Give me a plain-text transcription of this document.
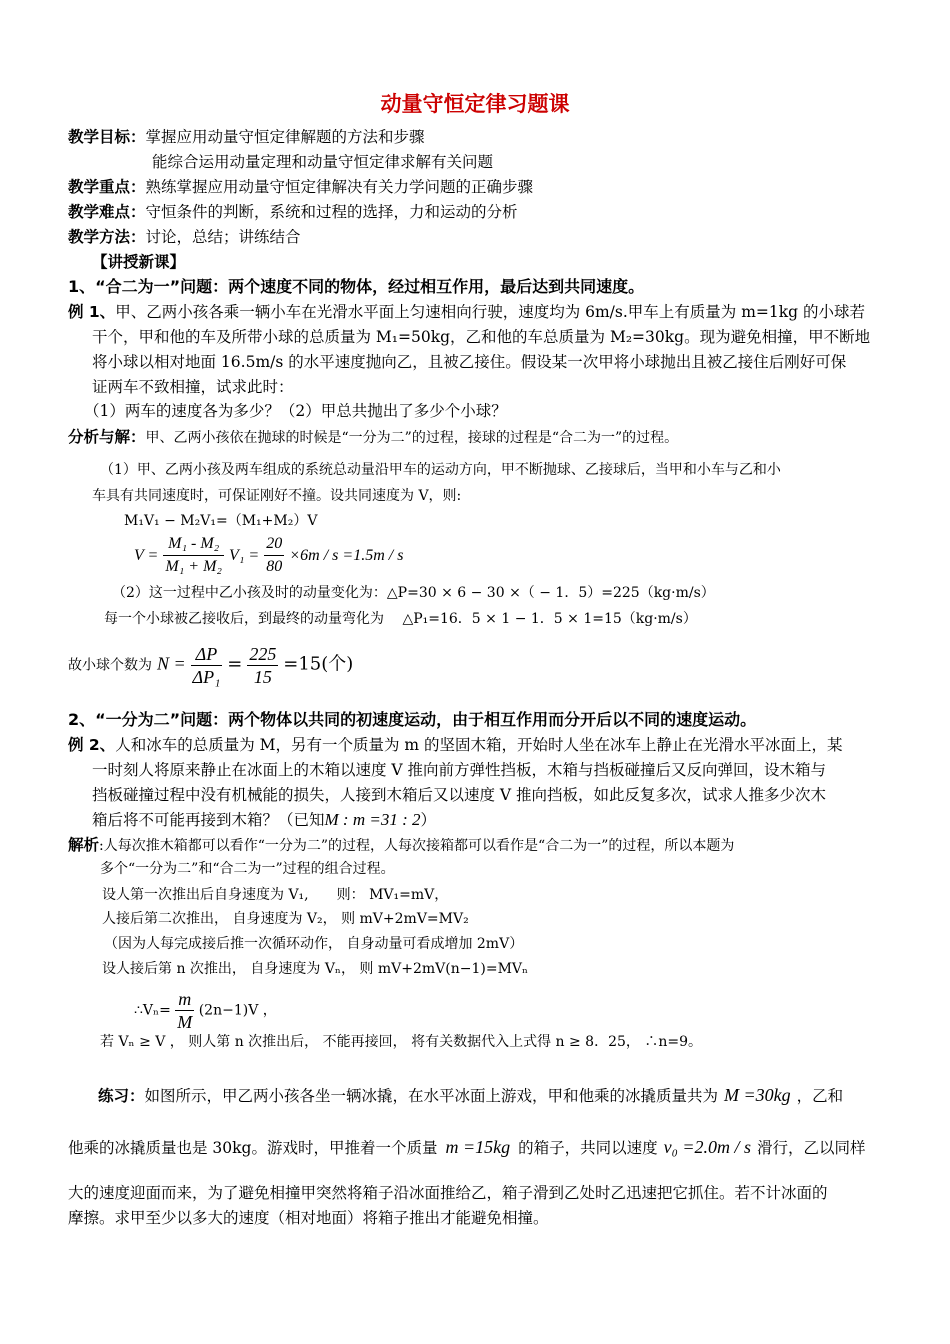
动量守恒定律习题课
教学目标：掌握应用动量守恒定律解题的方法和步骤
能综合运用动量定理和动量守恒定律求解有关问题
教学重点：熟练掌握应用动量守恒定律解决有关力学问题的正确步骤
教学难点：守恒条件的判断，系统和过程的选择，力和运动的分析
教学方法：讨论，总结；讲练结合
【讲授新课】
1、“合二为一”问题：两个速度不同的物体，经过相互作用，最后达到共同速度。
例 1、甲、乙两小孩各乘一辆小车在光滑水平面上匀速相向行驶，速度均为 6m/s.甲车上有质量为 m=1kg 的小球若
干个，甲和他的车及所带小球的总质量为 M₁=50kg，乙和他的车总质量为 M₂=30kg。现为避免相撞，甲不断地
将小球以相对地面 16.5m/s 的水平速度抛向乙，且被乙接住。假设某一次甲将小球抛出且被乙接住后刚好可保
证两车不致相撞，试求此时：
（1）两车的速度各为多少？（2）甲总共抛出了多少个小球？
分析与解：甲、乙两小孩依在抛球的时候是“一分为二”的过程，接球的过程是“合二为一”的过程。
（1）甲、乙两小孩及两车组成的系统总动量沿甲车的运动方向，甲不断抛球、乙接球后，当甲和小车与乙和小
车具有共同速度时，可保证刚好不撞。设共同速度为 V，则:
M₁V₁ − M₂V₁=（M₁+M₂）V
$V = \frac{\text{M₁ - M₂}}{\text{M₁ + M₂}} V_1 = \frac{20}{80} \times 6m / s =1.5m / s$
（2）这一过程中乙小孩及时的动量变化为：△P=30 × 6 − 30 ×（ − 1．5）=225（kg·m/s）
每一个小球被乙接收后，到最终的动量弯化为　 △P₁=16．5 × 1 − 1．5 × 1=15（kg·m/s）
故小球个数为 $N = \frac{\Delta P}{\text{ΔP₁}} = \frac{225}{15} =15$(个)
2、“一分为二”问题：两个物体以共同的初速度运动，由于相互作用而分开后以不同的速度运动。
例 2、人和冰车的总质量为 M，另有一个质量为 m 的坚固木箱，开始时人坐在冰车上静止在光滑水平冰面上，某
一时刻人将原来静止在冰面上的木箱以速度 V 推向前方弹性挡板，木箱与挡板碰撞后又反向弹回，设木箱与
挡板碰撞过程中没有机械能的损失，人接到木箱后又以速度 V 推向挡板，如此反复多次，试求人推多少次木
箱后将不可能再接到木箱？（已知M : m =31 : 2）
解析:人每次推木箱都可以看作“一分为二”的过程，人每次接箱都可以看作是“合二为一”的过程，所以本题为
多个“一分为二”和“合二为一”过程的组合过程。
设人第一次推出后自身速度为 V₁,　　则： MV₁=mV，
人接后第二次推出， 自身速度为 V₂， 则 mV+2mV=MV₂
（因为人每完成接后推一次循环动作， 自身动量可看成增加 2mV）
设人接后第 n 次推出， 自身速度为 Vₙ， 则 mV+2mV(n−1)=MVₙ
∴Vₙ= $\frac{m}{M} (2n-1)V$ ，
若 Vₙ ≥ V ， 则人第 n 次推出后， 不能再接回， 将有关数据代入上式得 n ≥ 8．25， ∴n=9。
练习：如图所示，甲乙两小孩各坐一辆冰撬，在水平冰面上游戏，甲和他乘的冰撬质量共为 M =30kg ，乙和
他乘的冰撬质量也是 30kg。游戏时，甲推着一个质量 m =15kg 的箱子，共同以速度 v₀ =2.0m / s 滑行，乙以同样
大的速度迎面而来，为了避免相撞甲突然将箱子沿冰面推给乙，箱子滑到乙处时乙迅速把它抓住。若不计冰面的
摩擦。求甲至少以多大的速度（相对地面）将箱子推出才能避免相撞。
